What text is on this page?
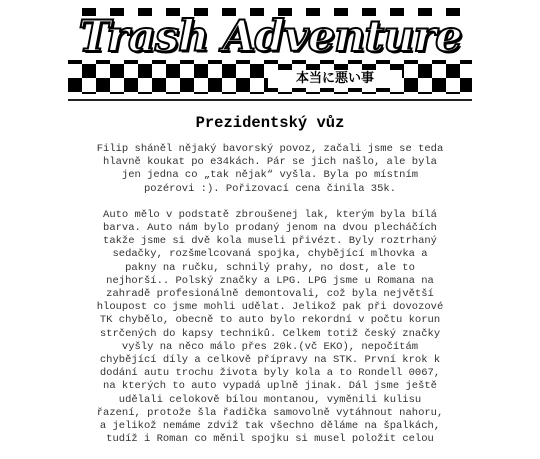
Trash Adventure
本当に悪い事
Prezidentský vůz

Filip sháněl nějaký bavorský povoz, začali jsme se teda hlavně koukat po e34kách. Pár se jich našlo, ale byla jen jedna co „tak nějak“ vyšla. Byla po místním pozérovi :). Pořizovací cena činila 35k.

Auto mělo v podstatě zbroušenej lak, kterým byla bílá barva. Auto nám bylo prodaný jenom na dvou plecháčích takže jsme si dvě kola museli přivézt. Byly roztrhaný sedačky, rozšmelcovaná spojka, chybějící mlhovka a pakny na ručku, schnilý prahy, no dost, ale to nejhorší.. Polský značky a LPG. LPG jsme u Romana na zahradě profesionálně demontovali, což byla největší hloupost co jsme mohli udělat. Jelikož pak při dovozové TK chybělo, obecně to auto bylo rekordní v počtu korun strčených do kapsy techniků. Celkem totiž český značky vyšly na něco málo přes 20k.(vč EKO), nepočítám chybějící díly a celkově přípravy na STK. První krok k dodání autu trochu života byly kola a to Rondell 0067, na kterých to auto vypadá uplně jinak. Dál jsme ještě udělali celokově bílou montanou, vyměnili kulisu řazení, protože šla řadička samovolně vytáhnout nahoru, a jelikož nemáme zdviž tak všechno děláme na špalkách, tudíž i Roman co měnil spojku si musel položit celou
